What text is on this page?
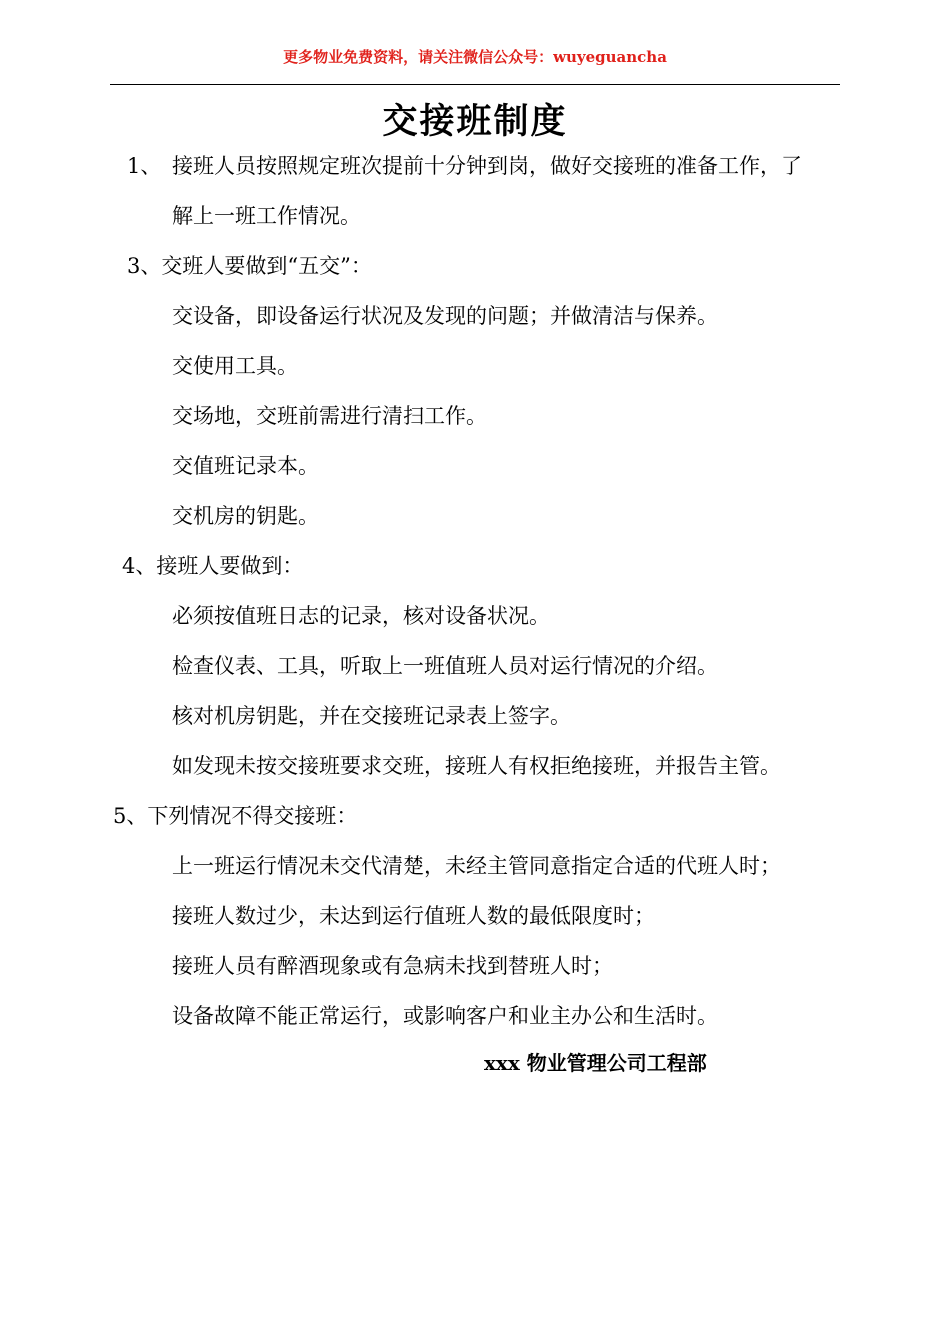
更多物业免费资料，请关注微信公众号：wuyeguancha
交接班制度
1、 接班人员按照规定班次提前十分钟到岗，做好交接班的准备工作，了
解上一班工作情况。
3、交班人要做到“五交”：
交设备，即设备运行状况及发现的问题；并做清洁与保养。
交使用工具。
交场地，交班前需进行清扫工作。
交值班记录本。
交机房的钥匙。
4、接班人要做到：
必须按值班日志的记录，核对设备状况。
检查仪表、工具，听取上一班值班人员对运行情况的介绍。
核对机房钥匙，并在交接班记录表上签字。
如发现未按交接班要求交班，接班人有权拒绝接班，并报告主管。
5、下列情况不得交接班：
上一班运行情况未交代清楚，未经主管同意指定合适的代班人时；
接班人数过少，未达到运行值班人数的最低限度时；
接班人员有醉酒现象或有急病未找到替班人时；
设备故障不能正常运行，或影响客户和业主办公和生活时。
xxx 物业管理公司工程部
